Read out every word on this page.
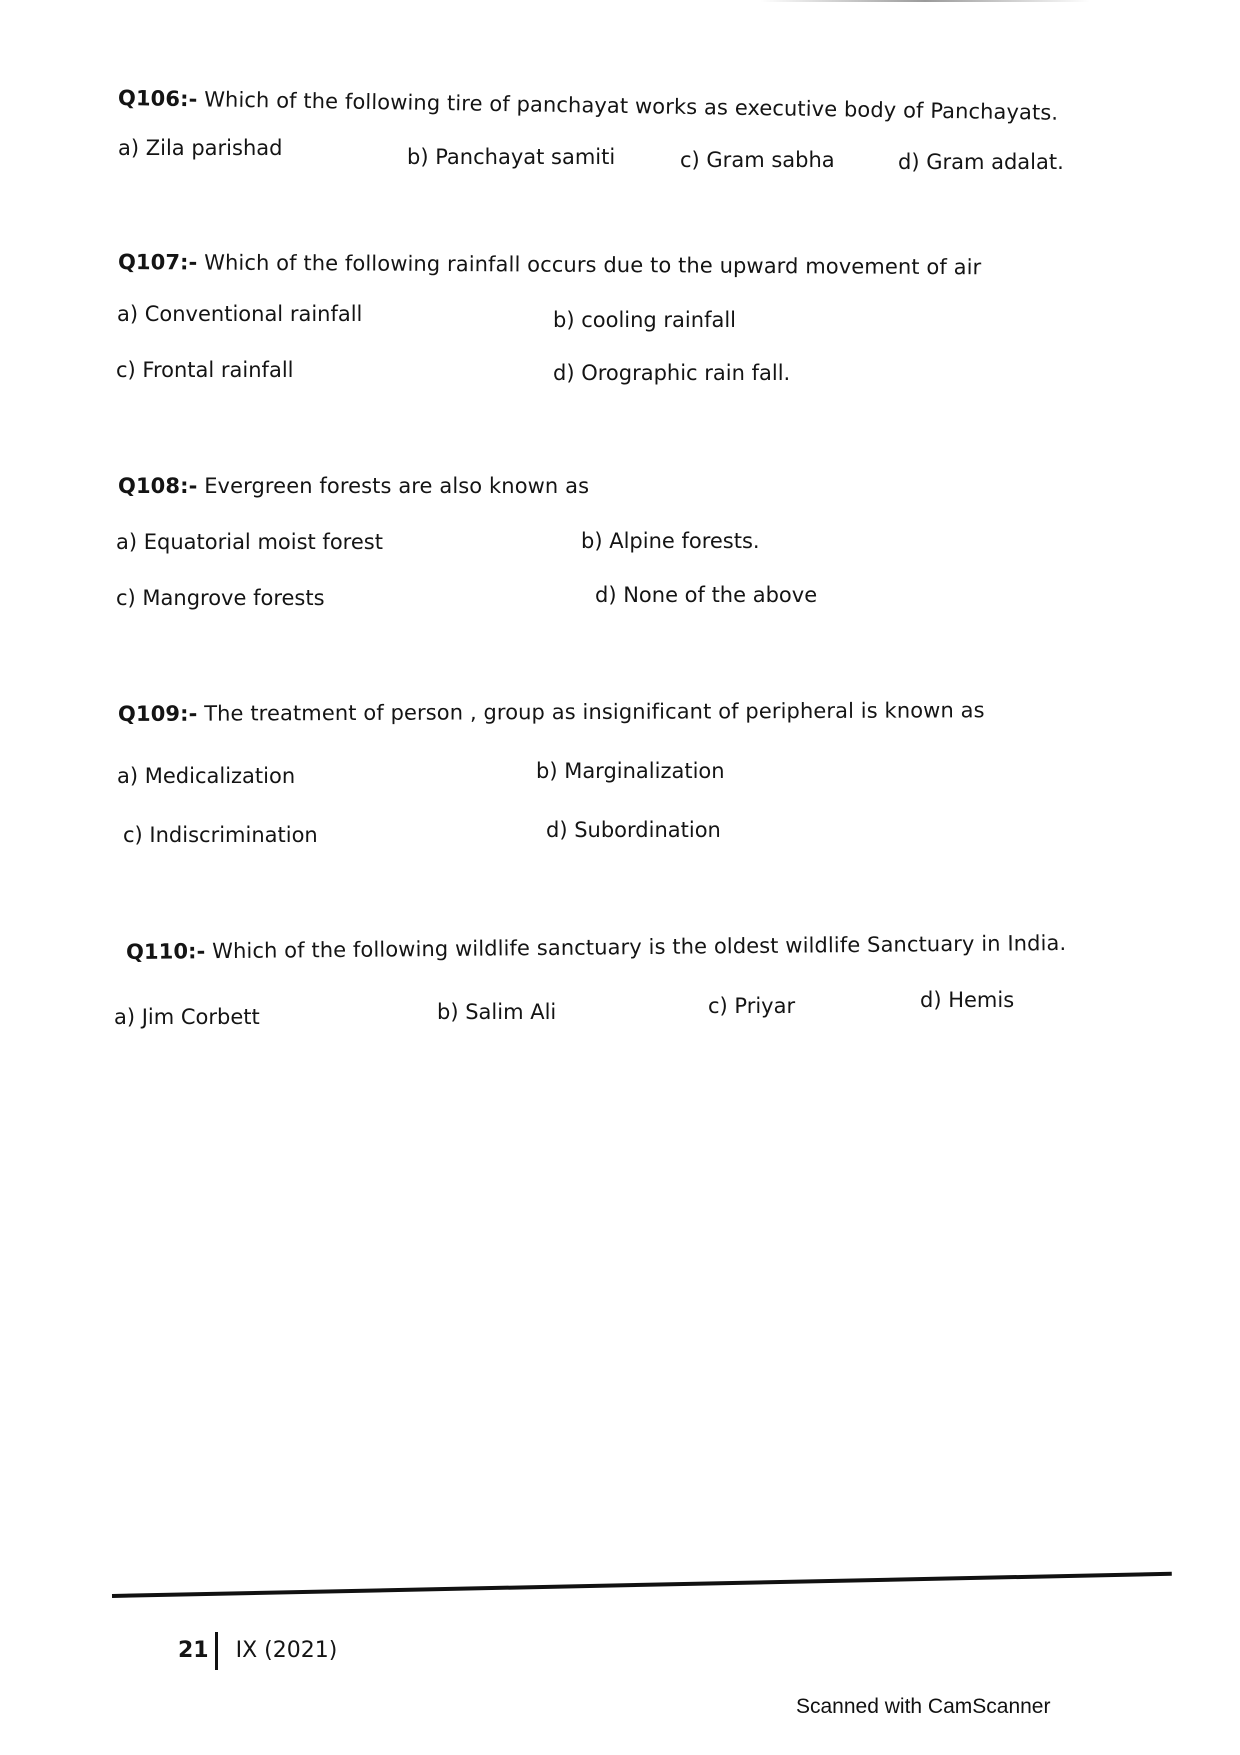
Q106:- Which of the following tire of panchayat works as executive body of Panchayats.
a) Zila parishad	b) Panchayat samiti	c) Gram sabha	d) Gram adalat.
Q107:- Which of the following rainfall occurs due to the upward movement of air
a) Conventional rainfall	b) cooling rainfall
c) Frontal rainfall	d) Orographic rain fall.
Q108:- Evergreen forests are also known as
a) Equatorial moist forest	b) Alpine forests.
c) Mangrove forests	d) None of the above
Q109:- The treatment of person , group as insignificant of peripheral is known as
a) Medicalization	b) Marginalization
c) Indiscrimination	d) Subordination
Q110:- Which of the following wildlife sanctuary is the oldest wildlife Sanctuary in India.
a) Jim Corbett	b) Salim Ali	c) Priyar	d) Hemis
21 IX (2021)
Scanned with CamScanner
